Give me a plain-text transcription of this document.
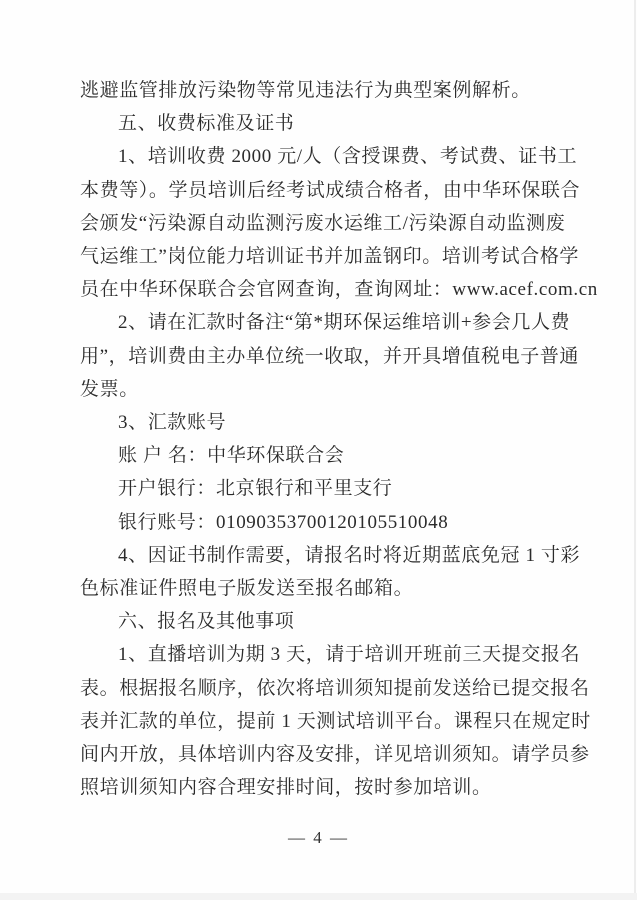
逃避监管排放污染物等常见违法行为典型案例解析。
五、收费标准及证书
1、培训收费 2000 元/人（含授课费、考试费、证书工
本费等）。学员培训后经考试成绩合格者，由中华环保联合
会颁发“污染源自动监测污废水运维工/污染源自动监测废
气运维工”岗位能力培训证书并加盖钢印。培训考试合格学
员在中华环保联合会官网查询，查询网址：www.acef.com.cn
2、请在汇款时备注“第*期环保运维培训+参会几人费
用”，培训费由主办单位统一收取，并开具增值税电子普通
发票。
3、汇款账号
账 户 名：中华环保联合会
开户银行：北京银行和平里支行
银行账号：01090353700120105510048
4、因证书制作需要，请报名时将近期蓝底免冠 1 寸彩
色标准证件照电子版发送至报名邮箱。
六、报名及其他事项
1、直播培训为期 3 天，请于培训开班前三天提交报名
表。根据报名顺序，依次将培训须知提前发送给已提交报名
表并汇款的单位，提前 1 天测试培训平台。课程只在规定时
间内开放，具体培训内容及安排，详见培训须知。请学员参
照培训须知内容合理安排时间，按时参加培训。
— 4 —
